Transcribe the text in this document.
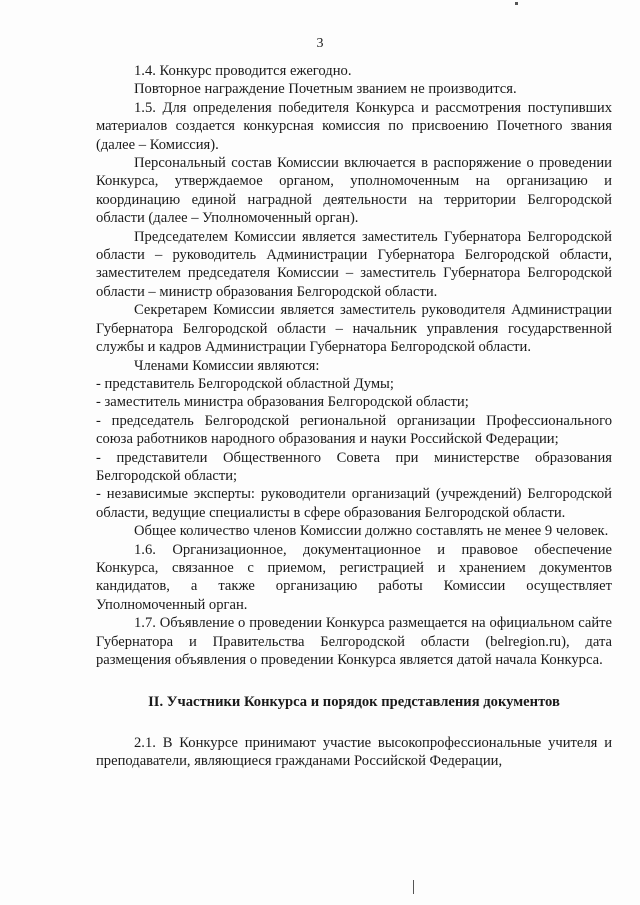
3

1.4. Конкурс проводится ежегодно.

Повторное награждение Почетным званием не производится.

1.5. Для определения победителя Конкурса и рассмотрения поступивших материалов создается конкурсная комиссия по присвоению Почетного звания (далее – Комиссия).

Персональный состав Комиссии включается в распоряжение о проведении Конкурса, утверждаемое органом, уполномоченным на организацию и координацию единой наградной деятельности на территории Белгородской области (далее – Уполномоченный орган).

Председателем Комиссии является заместитель Губернатора Белгородской области – руководитель Администрации Губернатора Белгородской области, заместителем председателя Комиссии – заместитель Губернатора Белгородской области – министр образования Белгородской области.

Секретарем Комиссии является заместитель руководителя Администрации Губернатора Белгородской области – начальник управления государственной службы и кадров Администрации Губернатора Белгородской области.

Членами Комиссии являются:

- представитель Белгородской областной Думы;

- заместитель министра образования Белгородской области;

- председатель Белгородской региональной организации Профессионального союза работников народного образования и науки Российской Федерации;

- представители Общественного Совета при министерстве образования Белгородской области;

- независимые эксперты: руководители организаций (учреждений) Белгородской области, ведущие специалисты в сфере образования Белгородской области.

Общее количество членов Комиссии должно составлять не менее 9 человек.

1.6. Организационное, документационное и правовое обеспечение Конкурса, связанное с приемом, регистрацией и хранением документов кандидатов, а также организацию работы Комиссии осуществляет Уполномоченный орган.

1.7. Объявление о проведении Конкурса размещается на официальном сайте Губернатора и Правительства Белгородской области (belregion.ru), дата размещения объявления о проведении Конкурса является датой начала Конкурса.

II. Участники Конкурса и порядок представления документов

2.1. В Конкурсе принимают участие высокопрофессиональные учителя и преподаватели, являющиеся гражданами Российской Федерации,
